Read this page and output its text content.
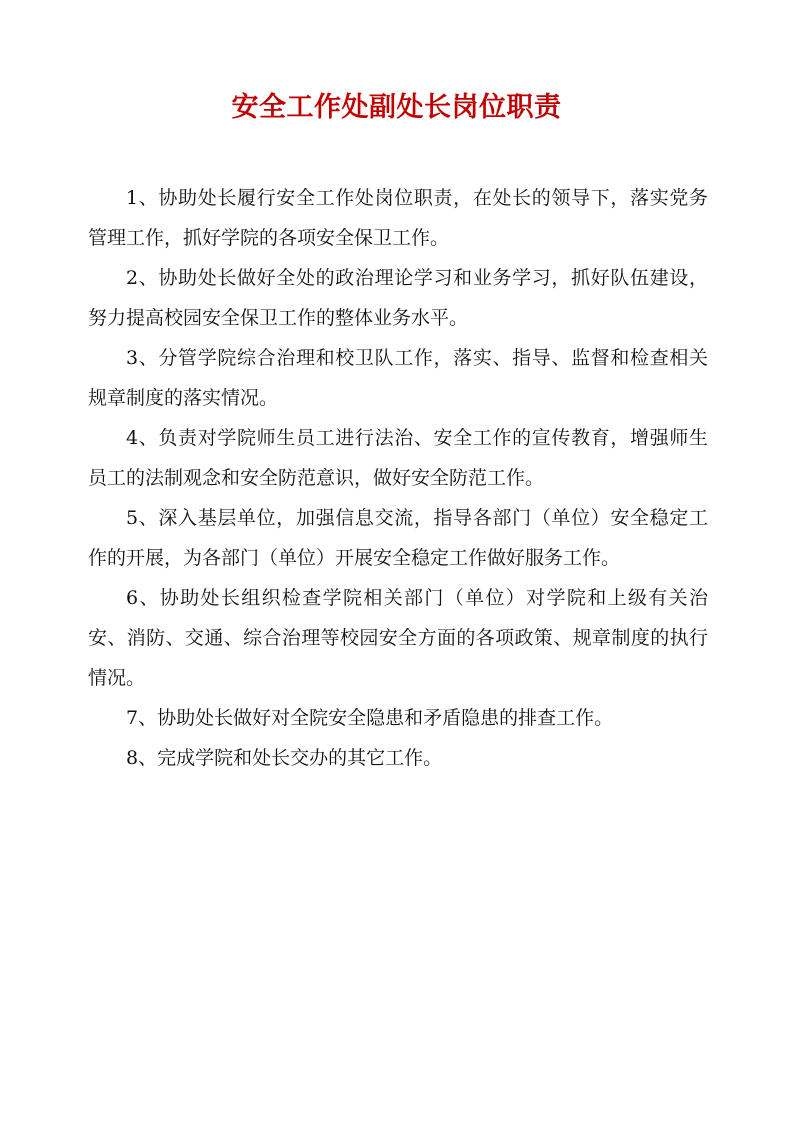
安全工作处副处长岗位职责

1、协助处长履行安全工作处岗位职责，在处长的领导下，落实党务管理工作，抓好学院的各项安全保卫工作。

2、协助处长做好全处的政治理论学习和业务学习，抓好队伍建设，努力提高校园安全保卫工作的整体业务水平。

3、分管学院综合治理和校卫队工作，落实、指导、监督和检查相关规章制度的落实情况。

4、负责对学院师生员工进行法治、安全工作的宣传教育，增强师生员工的法制观念和安全防范意识，做好安全防范工作。

5、深入基层单位，加强信息交流，指导各部门（单位）安全稳定工作的开展，为各部门（单位）开展安全稳定工作做好服务工作。

6、协助处长组织检查学院相关部门（单位）对学院和上级有关治安、消防、交通、综合治理等校园安全方面的各项政策、规章制度的执行情况。

7、协助处长做好对全院安全隐患和矛盾隐患的排查工作。

8、完成学院和处长交办的其它工作。
